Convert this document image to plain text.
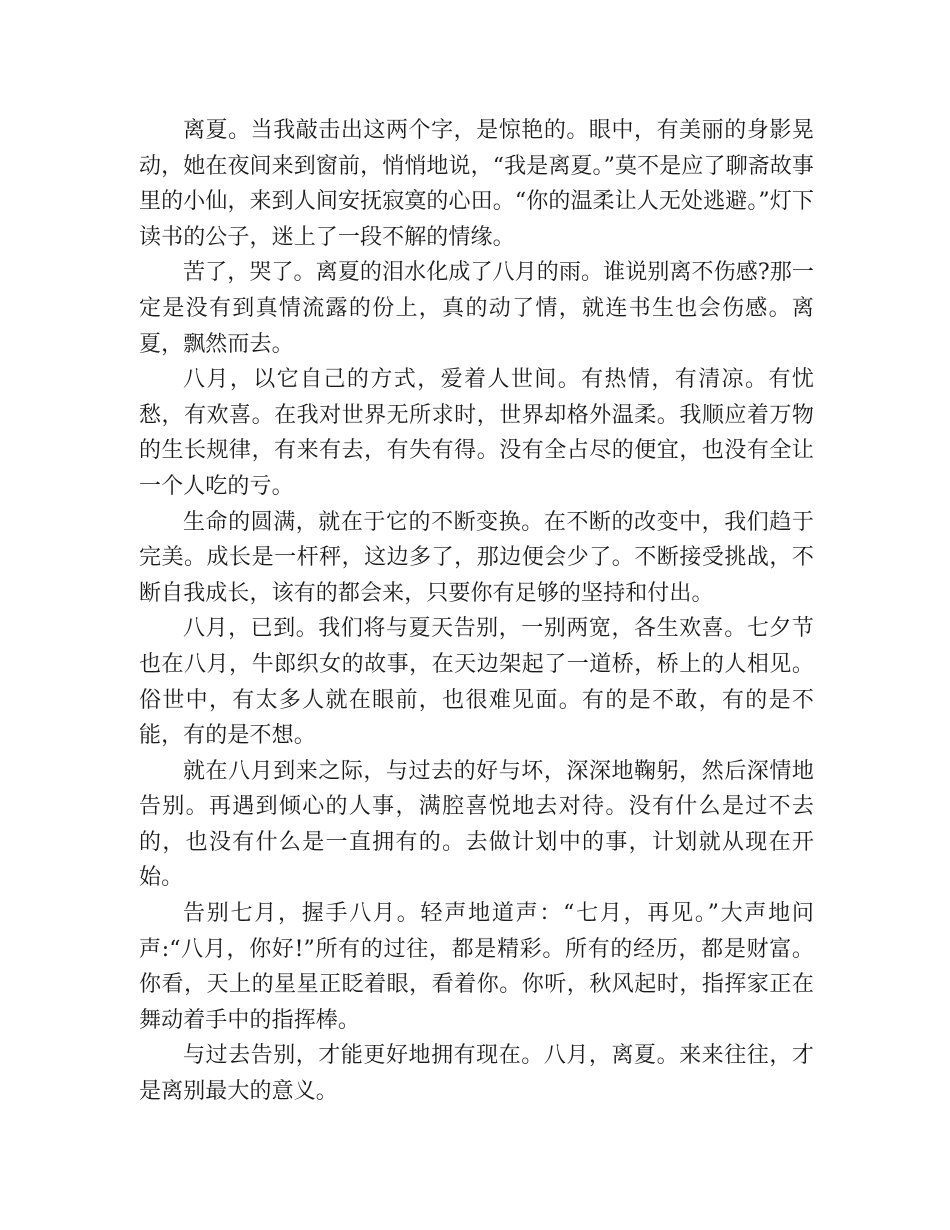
离夏。当我敲击出这两个字，是惊艳的。眼中，有美丽的身影晃动，她在夜间来到窗前，悄悄地说，“我是离夏。”莫不是应了聊斋故事里的小仙，来到人间安抚寂寞的心田。“你的温柔让人无处逃避。”灯下读书的公子，迷上了一段不解的情缘。

苦了，哭了。离夏的泪水化成了八月的雨。谁说别离不伤感?那一定是没有到真情流露的份上，真的动了情，就连书生也会伤感。离夏，飘然而去。

八月，以它自己的方式，爱着人世间。有热情，有清凉。有忧愁，有欢喜。在我对世界无所求时，世界却格外温柔。我顺应着万物的生长规律，有来有去，有失有得。没有全占尽的便宜，也没有全让一个人吃的亏。

生命的圆满，就在于它的不断变换。在不断的改变中，我们趋于完美。成长是一杆秤，这边多了，那边便会少了。不断接受挑战，不断自我成长，该有的都会来，只要你有足够的坚持和付出。

八月，已到。我们将与夏天告别，一别两宽，各生欢喜。七夕节也在八月，牛郎织女的故事，在天边架起了一道桥，桥上的人相见。俗世中，有太多人就在眼前，也很难见面。有的是不敢，有的是不能，有的是不想。

就在八月到来之际，与过去的好与坏，深深地鞠躬，然后深情地告别。再遇到倾心的人事，满腔喜悦地去对待。没有什么是过不去的，也没有什么是一直拥有的。去做计划中的事，计划就从现在开始。

告别七月，握手八月。轻声地道声：“七月，再见。”大声地问声:“八月，你好!”所有的过往，都是精彩。所有的经历，都是财富。你看，天上的星星正眨着眼，看着你。你听，秋风起时，指挥家正在舞动着手中的指挥棒。

与过去告别，才能更好地拥有现在。八月，离夏。来来往往，才是离别最大的意义。
